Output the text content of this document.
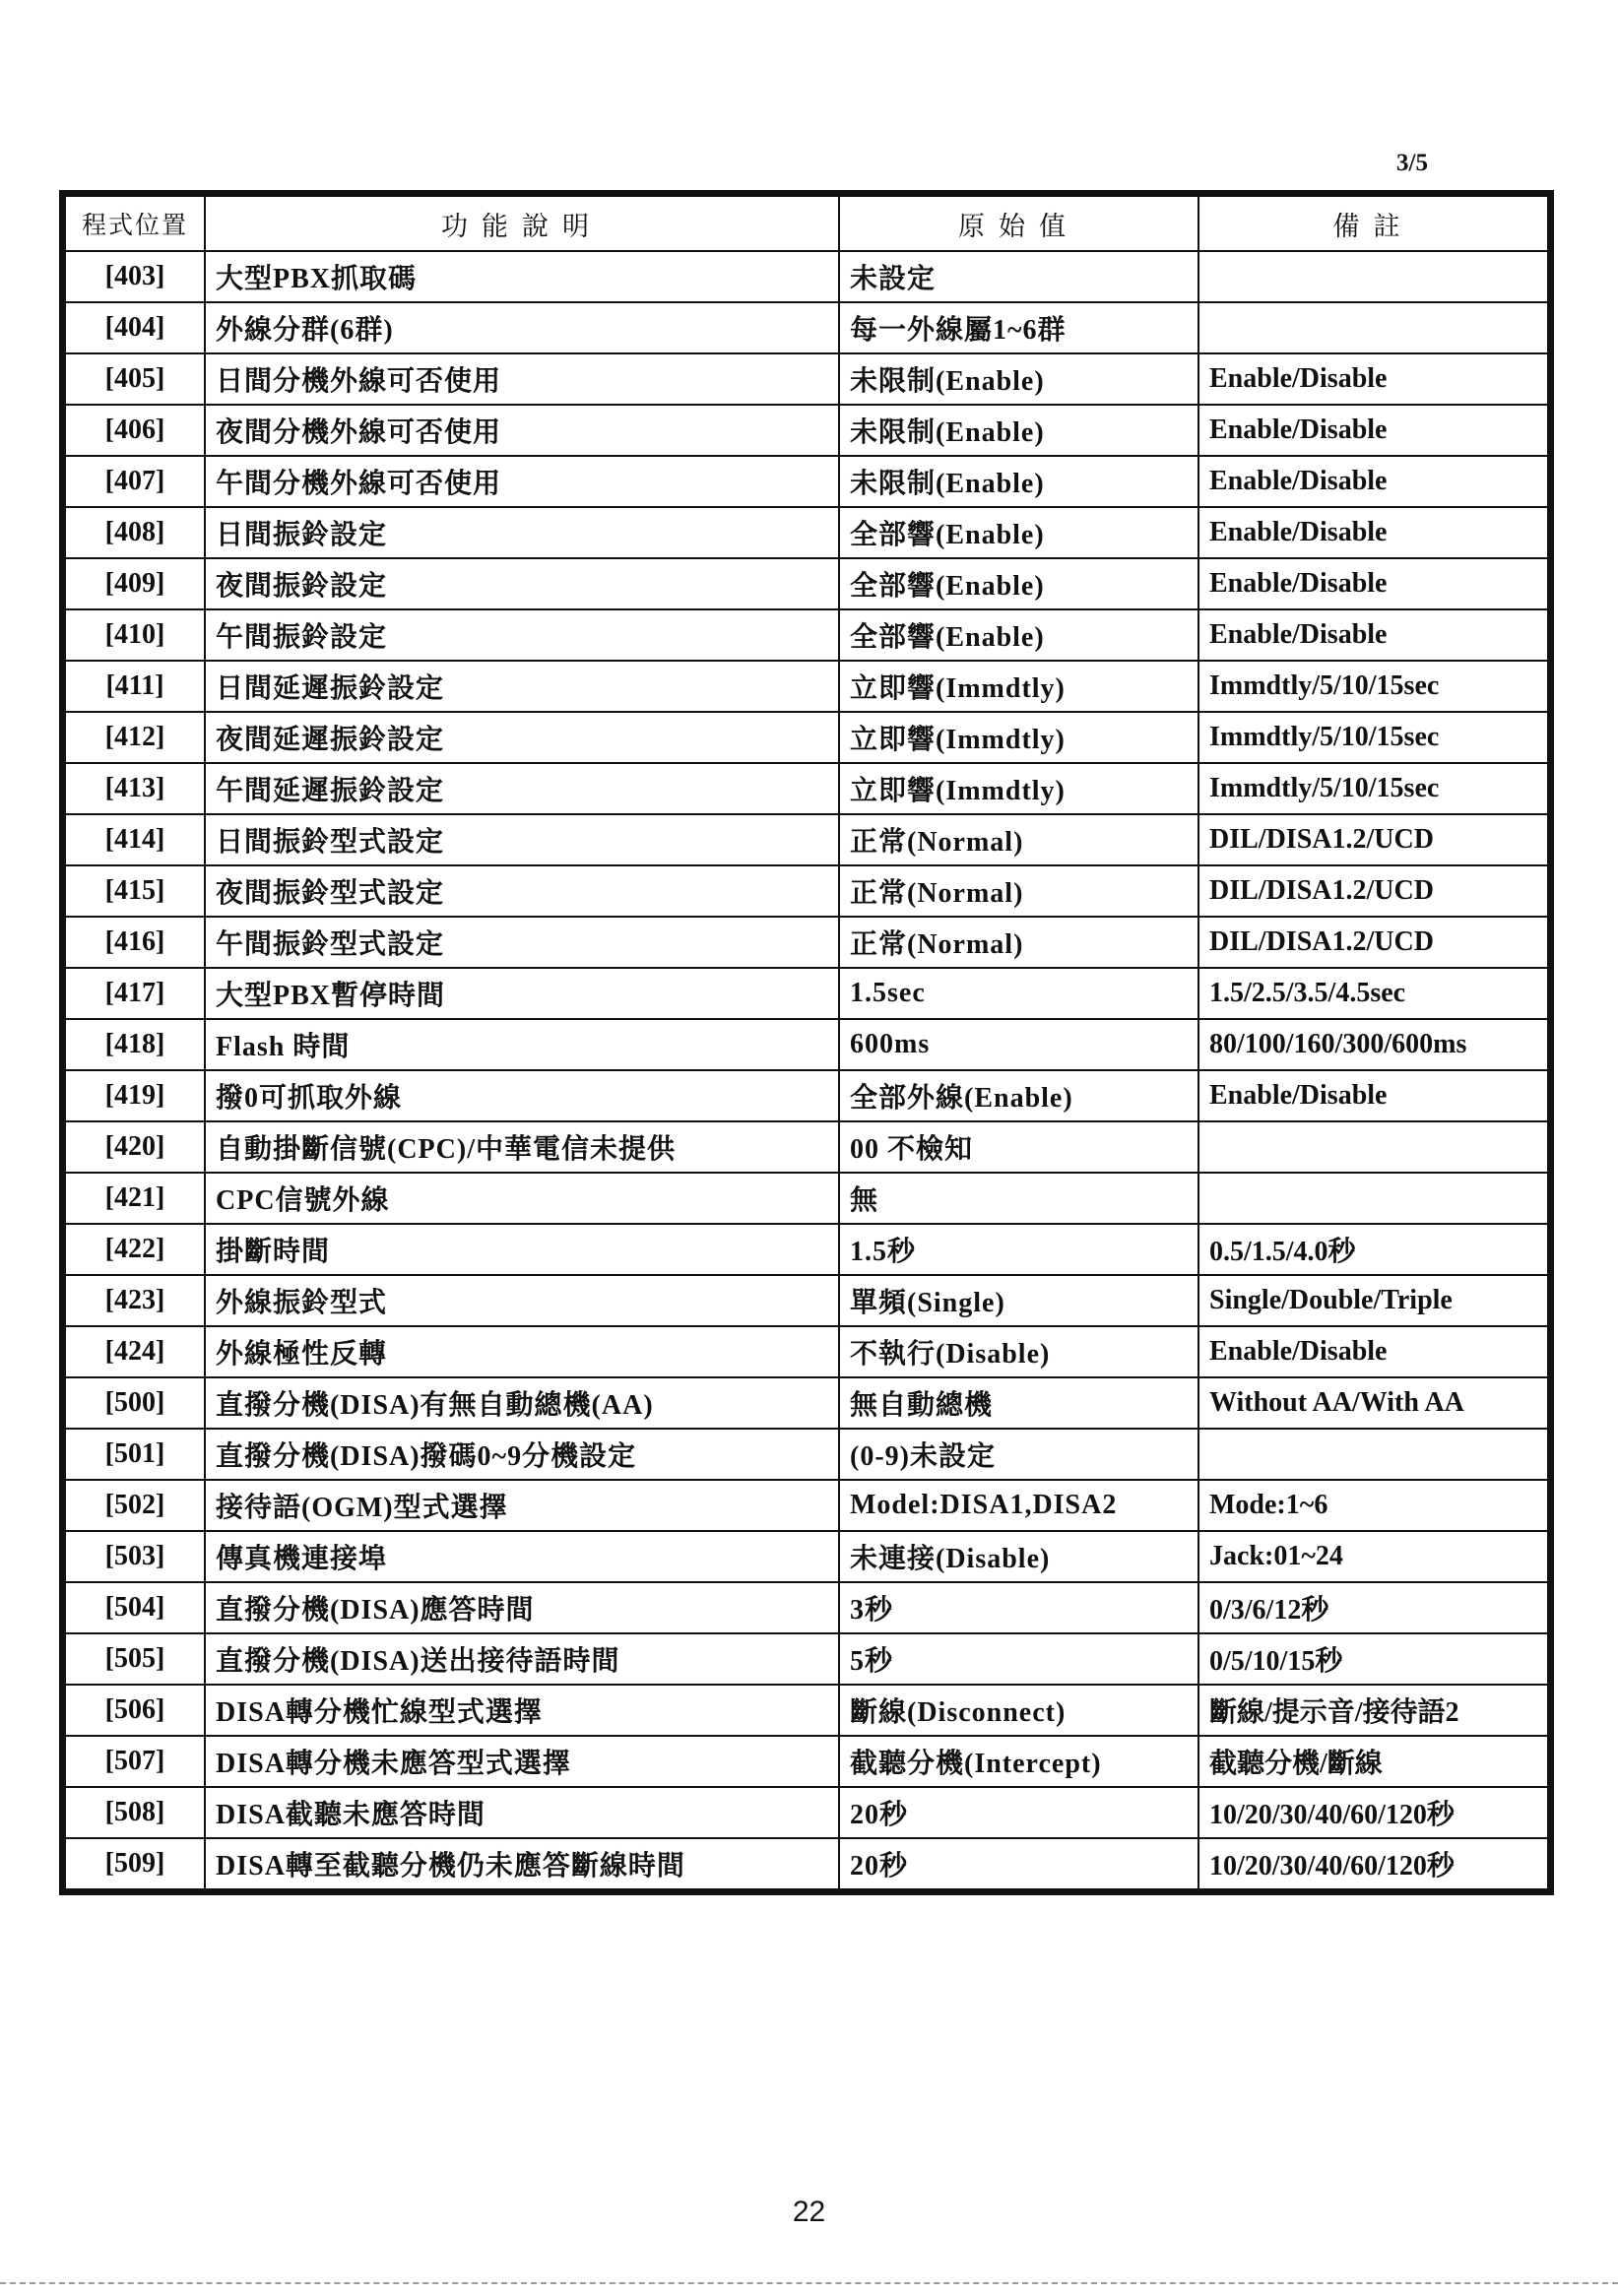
3/5
程式位置	功能說明	原始值	備註
[403]	大型PBX抓取碼	未設定	
[404]	外線分群(6群)	每一外線屬1~6群	
[405]	日間分機外線可否使用	未限制(Enable)	Enable/Disable
[406]	夜間分機外線可否使用	未限制(Enable)	Enable/Disable
[407]	午間分機外線可否使用	未限制(Enable)	Enable/Disable
[408]	日間振鈴設定	全部響(Enable)	Enable/Disable
[409]	夜間振鈴設定	全部響(Enable)	Enable/Disable
[410]	午間振鈴設定	全部響(Enable)	Enable/Disable
[411]	日間延遲振鈴設定	立即響(Immdtly)	Immdtly/5/10/15sec
[412]	夜間延遲振鈴設定	立即響(Immdtly)	Immdtly/5/10/15sec
[413]	午間延遲振鈴設定	立即響(Immdtly)	Immdtly/5/10/15sec
[414]	日間振鈴型式設定	正常(Normal)	DIL/DISA1.2/UCD
[415]	夜間振鈴型式設定	正常(Normal)	DIL/DISA1.2/UCD
[416]	午間振鈴型式設定	正常(Normal)	DIL/DISA1.2/UCD
[417]	大型PBX暫停時間	1.5sec	1.5/2.5/3.5/4.5sec
[418]	Flash 時間	600ms	80/100/160/300/600ms
[419]	撥0可抓取外線	全部外線(Enable)	Enable/Disable
[420]	自動掛斷信號(CPC)/中華電信未提供	00 不檢知	
[421]	CPC信號外線	無	
[422]	掛斷時間	1.5秒	0.5/1.5/4.0秒
[423]	外線振鈴型式	單頻(Single)	Single/Double/Triple
[424]	外線極性反轉	不執行(Disable)	Enable/Disable
[500]	直撥分機(DISA)有無自動總機(AA)	無自動總機	Without AA/With AA
[501]	直撥分機(DISA)撥碼0~9分機設定	(0-9)未設定	
[502]	接待語(OGM)型式選擇	Model:DISA1,DISA2	Mode:1~6
[503]	傳真機連接埠	未連接(Disable)	Jack:01~24
[504]	直撥分機(DISA)應答時間	3秒	0/3/6/12秒
[505]	直撥分機(DISA)送出接待語時間	5秒	0/5/10/15秒
[506]	DISA轉分機忙線型式選擇	斷線(Disconnect)	斷線/提示音/接待語2
[507]	DISA轉分機未應答型式選擇	截聽分機(Intercept)	截聽分機/斷線
[508]	DISA截聽未應答時間	20秒	10/20/30/40/60/120秒
[509]	DISA轉至截聽分機仍未應答斷線時間	20秒	10/20/30/40/60/120秒
22
